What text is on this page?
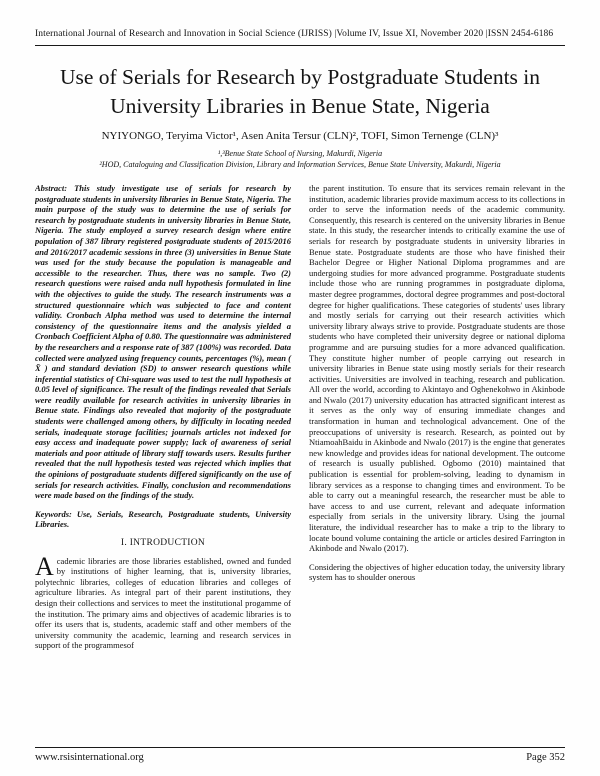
International Journal of Research and Innovation in Social Science (IJRISS) |Volume IV, Issue XI, November 2020 |ISSN 2454-6186
Use of Serials for Research by Postgraduate Students in University Libraries in Benue State, Nigeria
NYIYONGO, Teryima Victor¹, Asen Anita Tersur (CLN)², TOFI, Simon Ternenge (CLN)³
¹,³Benue State School of Nursing, Makurdi, Nigeria
²HOD, Cataloguing and Classification Division, Library and Information Services, Benue State University, Makurdi, Nigeria

Abstract: This study investigate use of serials for research by postgraduate students in university libraries in Benue State, Nigeria. The main purpose of the study was to determine the use of serials for research by postgraduate students in university libraries in Benue State, Nigeria. The study employed a survey research design where entire population of 387 library registered postgraduate students of 2015/2016 and 2016/2017 academic sessions in three (3) universities in Benue State was used for the study because the population is manageable and accessible to the researcher. Thus, there was no sample. Two (2) research questions were raised anda null hypothesis formulated in line with the objectives to guide the study. The research instruments was a structured questionnaire which was subjected to face and content validity. Cronbach Alpha method was used to determine the internal consistency of the questionnaire items and the analysis yielded a Cronbach Coefficient Alpha of 0.80. The questionnaire was administered by the researchers and a response rate of 387 (100%) was recorded. Data collected were analyzed using frequency counts, percentages (%), mean ( X̄ ) and standard deviation (SD) to answer research questions while inferential statistics of Chi-square was used to test the null hypothesis at 0.05 level of significance. The result of the findings revealed that Serials were readily available for research activities in university libraries in Benue state. Findings also revealed that majority of the postgraduate students were challenged among others, by difficulty in locating needed serials, inadequate storage facilities; journals articles not indexed for easy access and inadequate power supply; lack of awareness of serial materials and poor attitude of library staff towards users. Results further revealed that the null hypothesis tested was rejected which implies that the opinions of postgraduate students differed significantly on the use of serials for research activities. Finally, conclusion and recommendations were made based on the findings of the study.

Keywords: Use, Serials, Research, Postgraduate students, University Libraries.

I. INTRODUCTION

Academic libraries are those libraries established, owned and funded by institutions of higher learning, that is, university libraries, polytechnic libraries, colleges of education libraries and colleges of agriculture libraries. As integral part of their parent institutions, they design their collections and services to meet the institutional progamme of the institution. The primary aims and objectives of academic libraries is to offer its users that is, students, academic staff and other members of the university community the academic, learning and research services in support of the programmesof

the parent institution. To ensure that its services remain relevant in the institution, academic libraries provide maximum access to its collections in order to serve the information needs of the academic community. Consequently, this research is centered on the university libraries in Benue state. In this study, the researcher intends to critically examine the use of serials for research by postgraduate students in university libraries in Benue state. Postgraduate students are those who have finished their Bachelor Degree or Higher National Diploma programmes and are undergoing studies for more advanced programme. Postgraduate students include those who are running programmes in postgraduate diploma, master degree programmes, doctoral degree programmes and post-doctoral degree for higher qualifications. These categories of students' uses library and mostly serials for carrying out their research activities which university library always strive to provide. Postgraduate students are those students who have completed their university degree or national diploma programme and are pursuing studies for a more advanced qualification. They constitute higher number of people carrying out research in university libraries in Benue state using mostly serials for their research activities. Universities are involved in teaching, research and publication. All over the world, according to Akintayo and Oghenekohwo in Akinbode and Nwalo (2017) university education has attracted significant interest as it serves as the only way of ensuring immediate changes and transformation in human and technological advancement. One of the preoccupations of university is research. Research, as pointed out by NtiamoahBaidu in Akinbode and Nwalo (2017) is the engine that generates new knowledge and provides ideas for national development. The outcome of research is usually published. Ogbomo (2010) maintained that publication is essential for problem-solving, leading to dynamism in library services as a response to changing times and environment. To be able to carry out a meaningful research, the researcher must be able to have access to and use current, relevant and adequate information especially from serials in the university library. Using the journal literature, the individual researcher has to make a trip to the library to locate bound volume containing the article or articles desired Farrington in Akinbode and Nwalo (2017).

Considering the objectives of higher education today, the university library system has to shoulder onerous

www.rsisinternational.org	Page 352
